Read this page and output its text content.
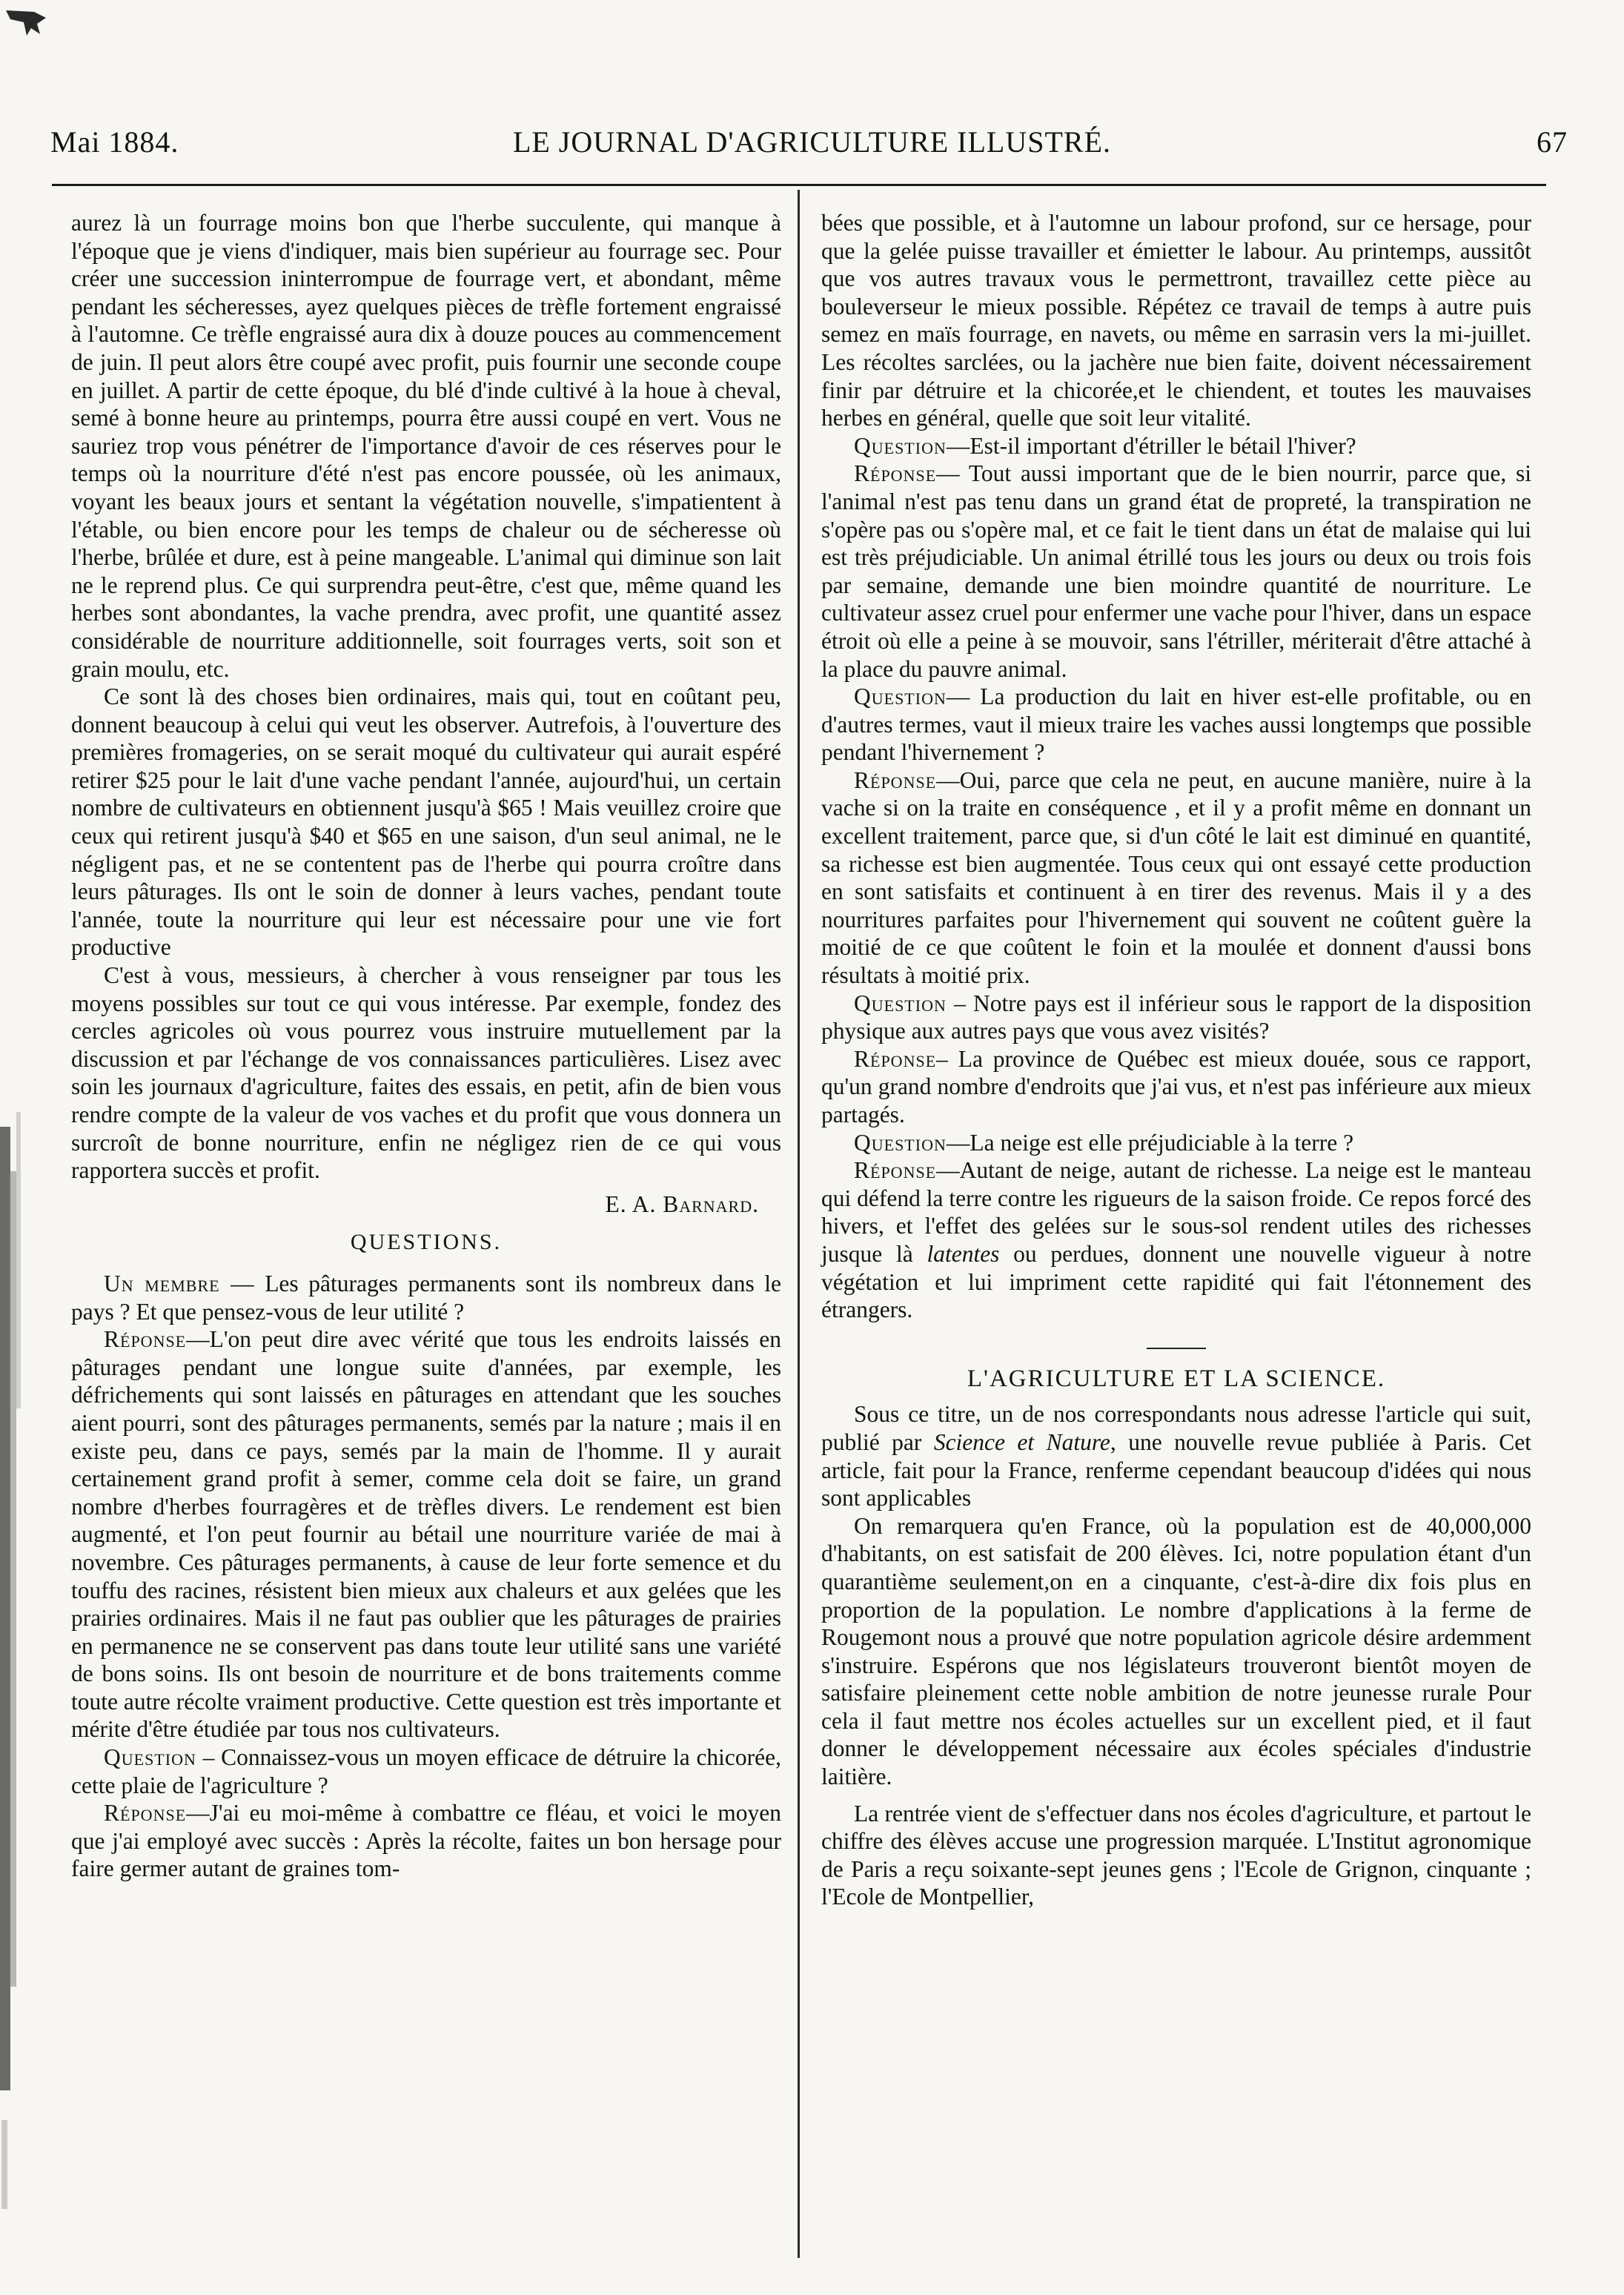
Mai 1884.	LE JOURNAL D'AGRICULTURE ILLUSTRÉ.	67

aurez là un fourrage moins bon que l'herbe succulente, qui manque à l'époque que je viens d'indiquer, mais bien supérieur au fourrage sec. Pour créer une succession ininterrompue de fourrage vert, et abondant, même pendant les sécheresses, ayez quelques pièces de trèfle fortement engraissé à l'automne. Ce trèfle engraissé aura dix à douze pouces au commencement de juin. Il peut alors être coupé avec profit, puis fournir une seconde coupe en juillet. A partir de cette époque, du blé d'inde cultivé à la houe à cheval, semé à bonne heure au printemps, pourra être aussi coupé en vert. Vous ne sauriez trop vous pénétrer de l'importance d'avoir de ces réserves pour le temps où la nourriture d'été n'est pas encore poussée, où les animaux, voyant les beaux jours et sentant la végétation nouvelle, s'impatientent à l'étable, ou bien encore pour les temps de chaleur ou de sécheresse où l'herbe, brûlée et dure, est à peine mangeable. L'animal qui diminue son lait ne le reprend plus. Ce qui surprendra peut-être, c'est que, même quand les herbes sont abondantes, la vache prendra, avec profit, une quantité assez considérable de nourriture additionnelle, soit fourrages verts, soit son et grain moulu, etc.

Ce sont là des choses bien ordinaires, mais qui, tout en coûtant peu, donnent beaucoup à celui qui veut les observer. Autrefois, à l'ouverture des premières fromageries, on se serait moqué du cultivateur qui aurait espéré retirer $25 pour le lait d'une vache pendant l'année, aujourd'hui, un certain nombre de cultivateurs en obtiennent jusqu'à $65 ! Mais veuillez croire que ceux qui retirent jusqu'à $40 et $65 en une saison, d'un seul animal, ne le négligent pas, et ne se contentent pas de l'herbe qui pourra croître dans leurs pâturages. Ils ont le soin de donner à leurs vaches, pendant toute l'année, toute la nourriture qui leur est nécessaire pour une vie fort productive

C'est à vous, messieurs, à chercher à vous renseigner par tous les moyens possibles sur tout ce qui vous intéresse. Par exemple, fondez des cercles agricoles où vous pourrez vous instruire mutuellement par la discussion et par l'échange de vos connaissances particulières. Lisez avec soin les journaux d'agriculture, faites des essais, en petit, afin de bien vous rendre compte de la valeur de vos vaches et du profit que vous donnera un surcroît de bonne nourriture, enfin ne négligez rien de ce qui vous rapportera succès et profit.

E. A. Barnard.
QUESTIONS.

Un membre — Les pâturages permanents sont ils nombreux dans le pays ? Et que pensez-vous de leur utilité ?

Réponse—L'on peut dire avec vérité que tous les endroits laissés en pâturages pendant une longue suite d'années, par exemple, les défrichements qui sont laissés en pâturages en attendant que les souches aient pourri, sont des pâturages permanents, semés par la nature ; mais il en existe peu, dans ce pays, semés par la main de l'homme. Il y aurait certainement grand profit à semer, comme cela doit se faire, un grand nombre d'herbes fourragères et de trèfles divers. Le rendement est bien augmenté, et l'on peut fournir au bétail une nourriture variée de mai à novembre. Ces pâturages permanents, à cause de leur forte semence et du touffu des racines, résistent bien mieux aux chaleurs et aux gelées que les prairies ordinaires. Mais il ne faut pas oublier que les pâturages de prairies en permanence ne se conservent pas dans toute leur utilité sans une variété de bons soins. Ils ont besoin de nourriture et de bons traitements comme toute autre récolte vraiment productive. Cette question est très importante et mérite d'être étudiée par tous nos cultivateurs.

Question – Connaissez-vous un moyen efficace de détruire la chicorée, cette plaie de l'agriculture ?

Réponse—J'ai eu moi-même à combattre ce fléau, et voici le moyen que j'ai employé avec succès : Après la récolte, faites un bon hersage pour faire germer autant de graines tom-

bées que possible, et à l'automne un labour profond, sur ce hersage, pour que la gelée puisse travailler et émietter le labour. Au printemps, aussitôt que vos autres travaux vous le permettront, travaillez cette pièce au bouleverseur le mieux possible. Répétez ce travail de temps à autre puis semez en maïs fourrage, en navets, ou même en sarrasin vers la mi-juillet. Les récoltes sarclées, ou la jachère nue bien faite, doivent nécessairement finir par détruire et la chicorée,et le chiendent, et toutes les mauvaises herbes en général, quelle que soit leur vitalité.

Question—Est-il important d'étriller le bétail l'hiver?

Réponse— Tout aussi important que de le bien nourrir, parce que, si l'animal n'est pas tenu dans un grand état de propreté, la transpiration ne s'opère pas ou s'opère mal, et ce fait le tient dans un état de malaise qui lui est très préjudiciable. Un animal étrillé tous les jours ou deux ou trois fois par semaine, demande une bien moindre quantité de nourriture. Le cultivateur assez cruel pour enfermer une vache pour l'hiver, dans un espace étroit où elle a peine à se mouvoir, sans l'étriller, mériterait d'être attaché à la place du pauvre animal.

Question— La production du lait en hiver est-elle profitable, ou en d'autres termes, vaut il mieux traire les vaches aussi longtemps que possible pendant l'hivernement ?

Réponse—Oui, parce que cela ne peut, en aucune manière, nuire à la vache si on la traite en conséquence , et il y a profit même en donnant un excellent traitement, parce que, si d'un côté le lait est diminué en quantité, sa richesse est bien augmentée. Tous ceux qui ont essayé cette production en sont satisfaits et continuent à en tirer des revenus. Mais il y a des nourritures parfaites pour l'hivernement qui souvent ne coûtent guère la moitié de ce que coûtent le foin et la moulée et donnent d'aussi bons résultats à moitié prix.

Question – Notre pays est il inférieur sous le rapport de la disposition physique aux autres pays que vous avez visités?

Réponse– La province de Québec est mieux douée, sous ce rapport, qu'un grand nombre d'endroits que j'ai vus, et n'est pas inférieure aux mieux partagés.

Question—La neige est elle préjudiciable à la terre ?

Réponse—Autant de neige, autant de richesse. La neige est le manteau qui défend la terre contre les rigueurs de la saison froide. Ce repos forcé des hivers, et l'effet des gelées sur le sous-sol rendent utiles des richesses jusque là latentes ou perdues, donnent une nouvelle vigueur à notre végétation et lui impriment cette rapidité qui fait l'étonnement des étrangers.

L'AGRICULTURE ET LA SCIENCE.

Sous ce titre, un de nos correspondants nous adresse l'article qui suit, publié par Science et Nature, une nouvelle revue publiée à Paris. Cet article, fait pour la France, renferme cependant beaucoup d'idées qui nous sont applicables

On remarquera qu'en France, où la population est de 40,000,000 d'habitants, on est satisfait de 200 élèves. Ici, notre population étant d'un quarantième seulement,on en a cinquante, c'est-à-dire dix fois plus en proportion de la population. Le nombre d'applications à la ferme de Rougemont nous a prouvé que notre population agricole désire ardemment s'instruire. Espérons que nos législateurs trouveront bientôt moyen de satisfaire pleinement cette noble ambition de notre jeunesse rurale Pour cela il faut mettre nos écoles actuelles sur un excellent pied, et il faut donner le développement nécessaire aux écoles spéciales d'industrie laitière.

La rentrée vient de s'effectuer dans nos écoles d'agriculture, et partout le chiffre des élèves accuse une progression marquée. L'Institut agronomique de Paris a reçu soixante-sept jeunes gens ; l'Ecole de Grignon, cinquante ; l'Ecole de Montpellier,
